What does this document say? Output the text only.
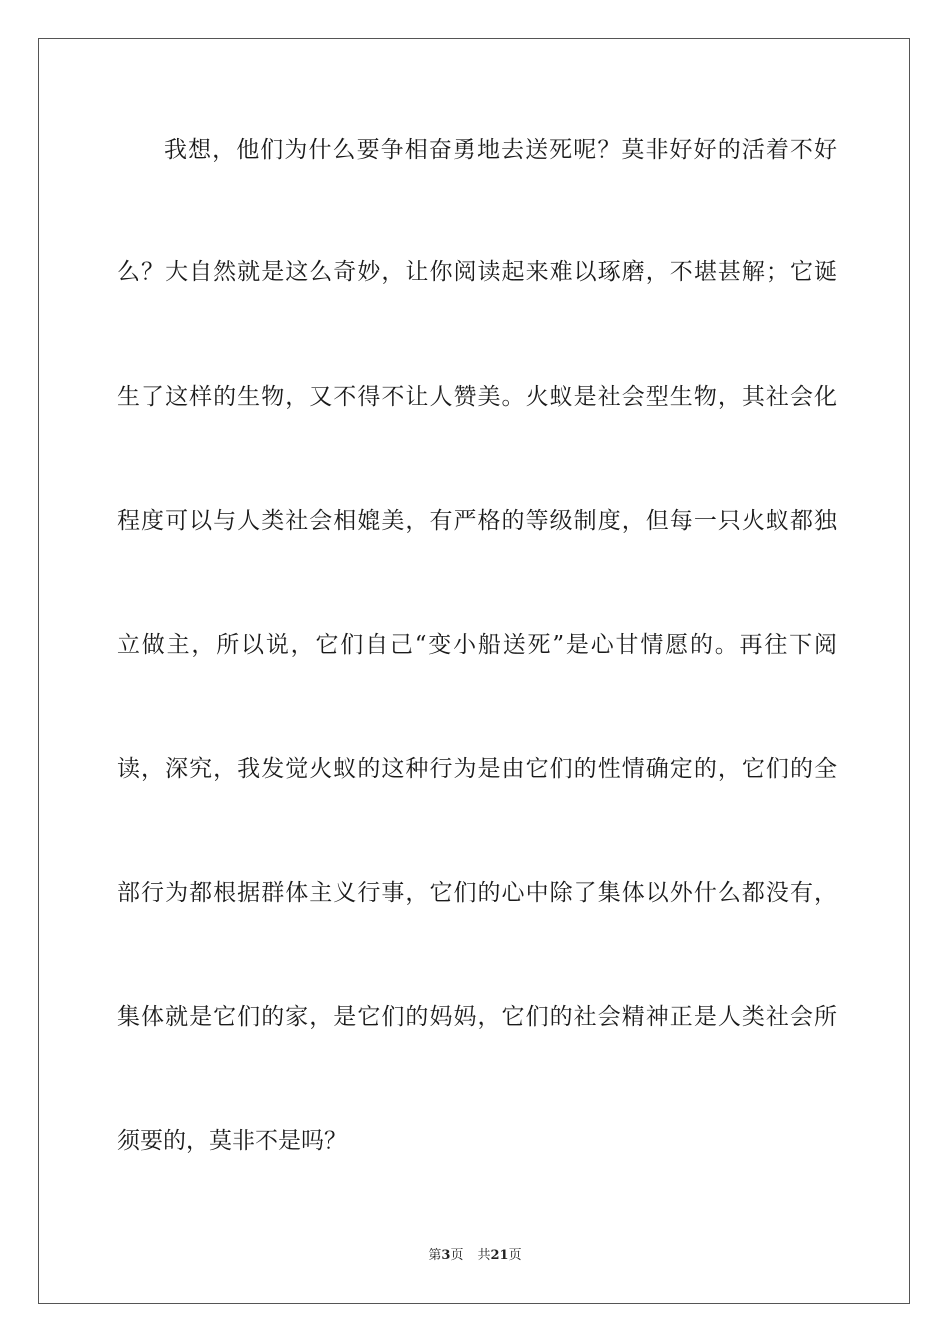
我想，他们为什么要争相奋勇地去送死呢？莫非好好的活着不好
么？大自然就是这么奇妙，让你阅读起来难以琢磨，不堪甚解；它诞
生了这样的生物，又不得不让人赞美。火蚁是社会型生物，其社会化
程度可以与人类社会相媲美，有严格的等级制度，但每一只火蚁都独
立做主，所以说，它们自己“变小船送死”是心甘情愿的。再往下阅
读，深究，我发觉火蚁的这种行为是由它们的性情确定的，它们的全
部行为都根据群体主义行事，它们的心中除了集体以外什么都没有，
集体就是它们的家，是它们的妈妈，它们的社会精神正是人类社会所
须要的，莫非不是吗？
第3页 共21页
